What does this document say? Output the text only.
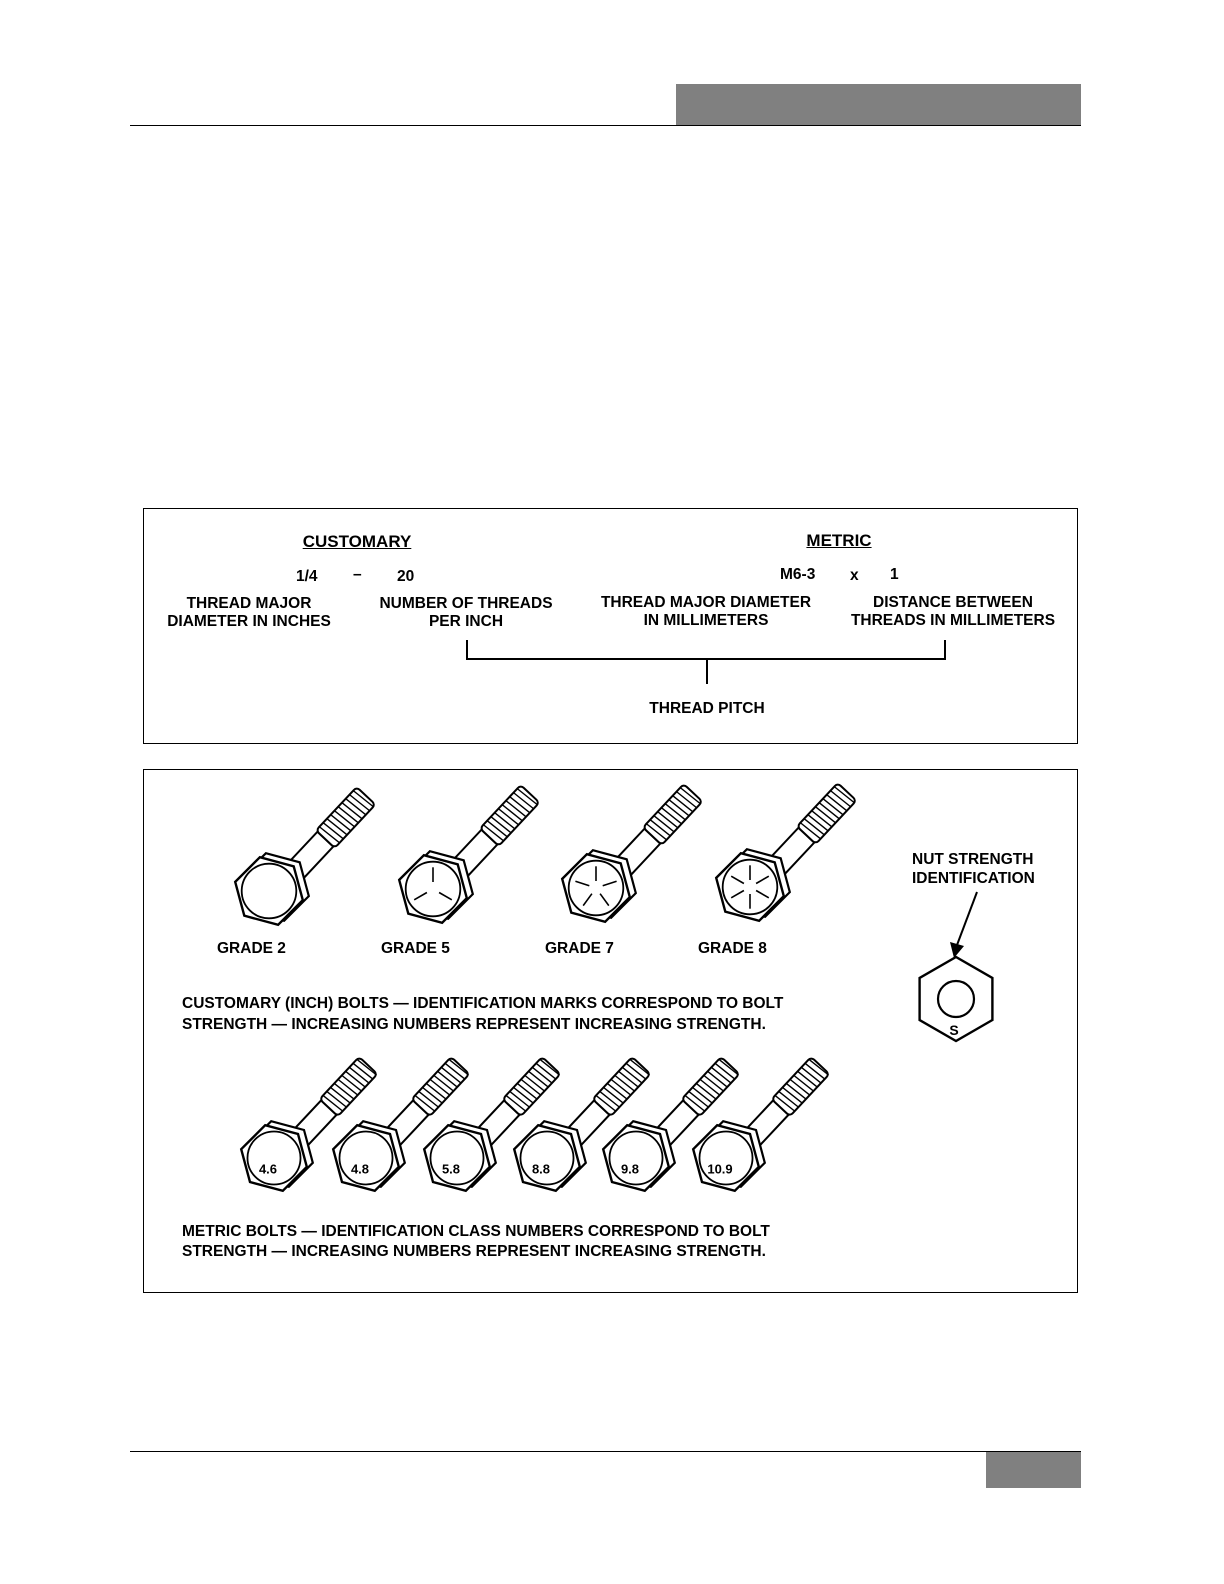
CUSTOMARY	METRIC
1/4 – 20	M6-3 x 1
THREAD MAJOR
DIAMETER IN INCHES
NUMBER OF THREADS
PER INCH
THREAD MAJOR DIAMETER
IN MILLIMETERS
DISTANCE BETWEEN
THREADS IN MILLIMETERS
THREAD PITCH
4.6	4.8	5.8	8.8	9.8	10.9
S
GRADE 2	GRADE 5	GRADE 7	GRADE 8
NUT STRENGTH
IDENTIFICATION
CUSTOMARY (INCH) BOLTS — IDENTIFICATION MARKS CORRESPOND TO BOLT
STRENGTH — INCREASING NUMBERS REPRESENT INCREASING STRENGTH.
METRIC BOLTS — IDENTIFICATION CLASS NUMBERS CORRESPOND TO BOLT
STRENGTH — INCREASING NUMBERS REPRESENT INCREASING STRENGTH.
